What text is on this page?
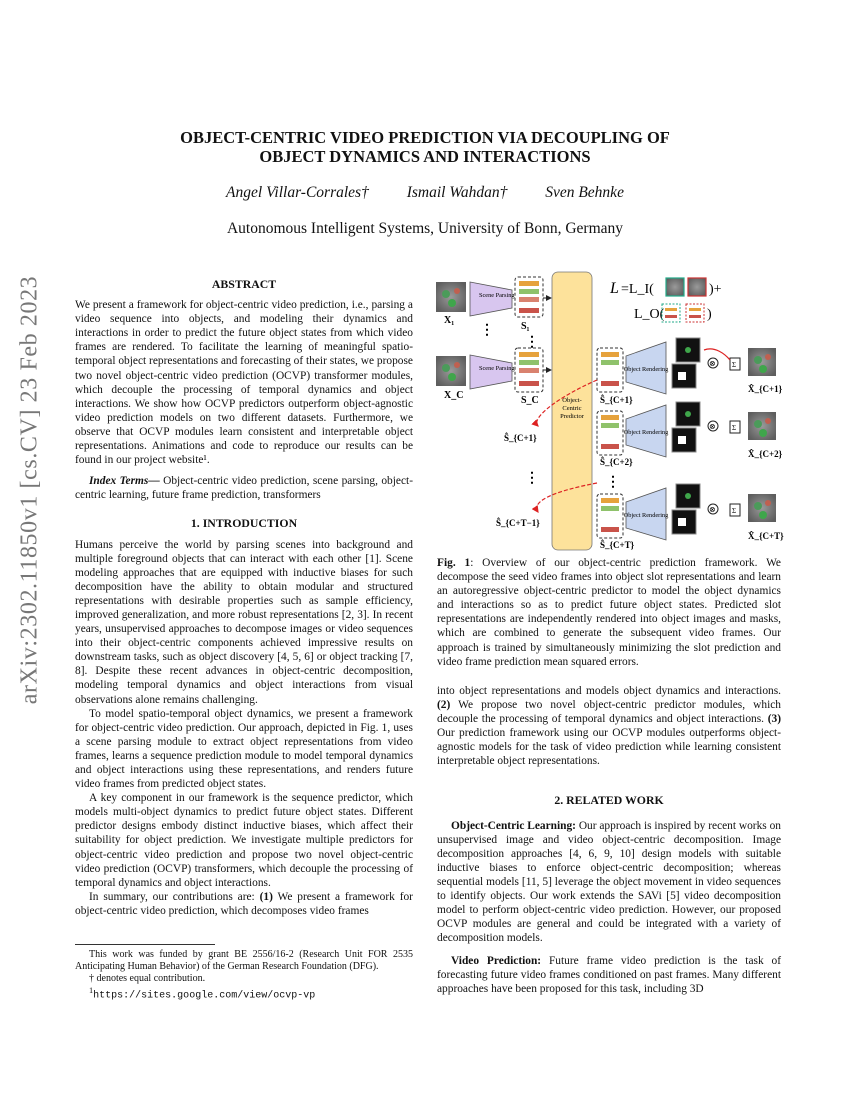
arXiv:2302.11850v1 [cs.CV] 23 Feb 2023
OBJECT-CENTRIC VIDEO PREDICTION VIA DECOUPLING OF
OBJECT DYNAMICS AND INTERACTIONS
Angel Villar-Corrales† Ismail Wahdan† Sven Behnke
Autonomous Intelligent Systems, University of Bonn, Germany

ABSTRACT

We present a framework for object-centric video prediction, i.e., parsing a video sequence into objects, and modeling their dynamics and interactions in order to predict the future object states from which video frames are rendered. To facilitate the learning of meaningful spatio-temporal object representations and forecasting of their states, we propose two novel object-centric video prediction (OCVP) transformer modules, which decouple the processing of temporal dynamics and object interactions. We show how OCVP predictors outperform object-agnostic video prediction models on two different datasets. Furthermore, we observe that OCVP modules learn consistent and interpretable object representations. Animations and code to reproduce our results can be found in our project website¹.

Index Terms— Object-centric video prediction, scene parsing, object-centric learning, future frame prediction, transformers

1. INTRODUCTION

Humans perceive the world by parsing scenes into background and multiple foreground objects that can interact with each other [1]. Scene modeling approaches that are equipped with inductive biases for such decomposition have the ability to obtain modular and structured representations with desirable properties such as sample efficiency, improved generalization, and more robust representations [2, 3]. In recent years, unsupervised approaches to decompose images or video sequences into their object-centric components achieved impressive results on downstream tasks, such as object discovery [4, 5, 6] or object tracking [7, 8]. Despite these recent advances in object-centric decomposition, modeling temporal dynamics and object interactions from visual observations alone remains challenging.

To model spatio-temporal object dynamics, we present a framework for object-centric video prediction. Our approach, depicted in Fig. 1, uses a scene parsing module to extract object representations from video frames, learns a sequence prediction module to model temporal dynamics and object interactions using these representations, and renders future video frames from predicted object states.

A key component in our framework is the sequence predictor, which models multi-object dynamics to predict future object states. Different predictor designs embody distinct inductive biases, which affect their suitability for object prediction. We investigate multiple predictors for object-centric video prediction and propose two novel object-centric video prediction (OCVP) transformers, which decouple the processing of temporal dynamics and object interactions.

In summary, our contributions are: (1) We present a framework for object-centric video prediction, which decomposes video frames

This work was funded by grant BE 2556/16-2 (Research Unit FOR 2535 Anticipating Human Behavior) of the German Research Foundation (DFG).

† denotes equal contribution.

$^1$https://sites.google.com/view/ocvp-vp

X₁
X_C
⋮
Scene Parsing
Scene Parsing
S₁
S_C
⋮
Object-
Centric
Predictor
L =L_I(	)+
L_O(	)
Object Rendering
⊗ Σ
Ŝ_{C+1}
X̂_{C+1}
Object Rendering
⊗ Σ
Ŝ_{C+2}
X̂_{C+2}
Object Rendering
⊗ Σ
Ŝ_{C+T}
X̂_{C+T}
Ŝ_{C+1}
⋮	⋮
Ŝ_{C+T−1}
Fig. 1: Overview of our object-centric prediction framework. We decompose the seed video frames into object slot representations and learn an autoregressive object-centric predictor to model the object dynamics and interactions so as to predict future object states. Predicted slot representations are independently rendered into object images and masks, which are combined to generate the subsequent video frames. Our approach is trained by simultaneously minimizing the slot prediction and video frame prediction mean squared errors.

into object representations and models object dynamics and interactions. (2) We propose two novel object-centric predictor modules, which decouple the processing of temporal dynamics and object interactions. (3) Our prediction framework using our OCVP modules outperforms object-agnostic models for the task of video prediction while learning consistent interpretable object representations.

2. RELATED WORK

Object-Centric Learning: Our approach is inspired by recent works on unsupervised image and video object-centric decomposition. Image decomposition approaches [4, 6, 9, 10] design models with suitable inductive biases to enforce object-centric decomposition; whereas sequential models [11, 5] leverage the object movement in video sequences to identify objects. Our work extends the SAVi [5] video decomposition model to perform object-centric video prediction. However, our proposed OCVP modules are general and could be integrated with a variety of decomposition models.

Video Prediction: Future frame video prediction is the task of forecasting future video frames conditioned on past frames. Many different approaches have been proposed for this task, including 3D
